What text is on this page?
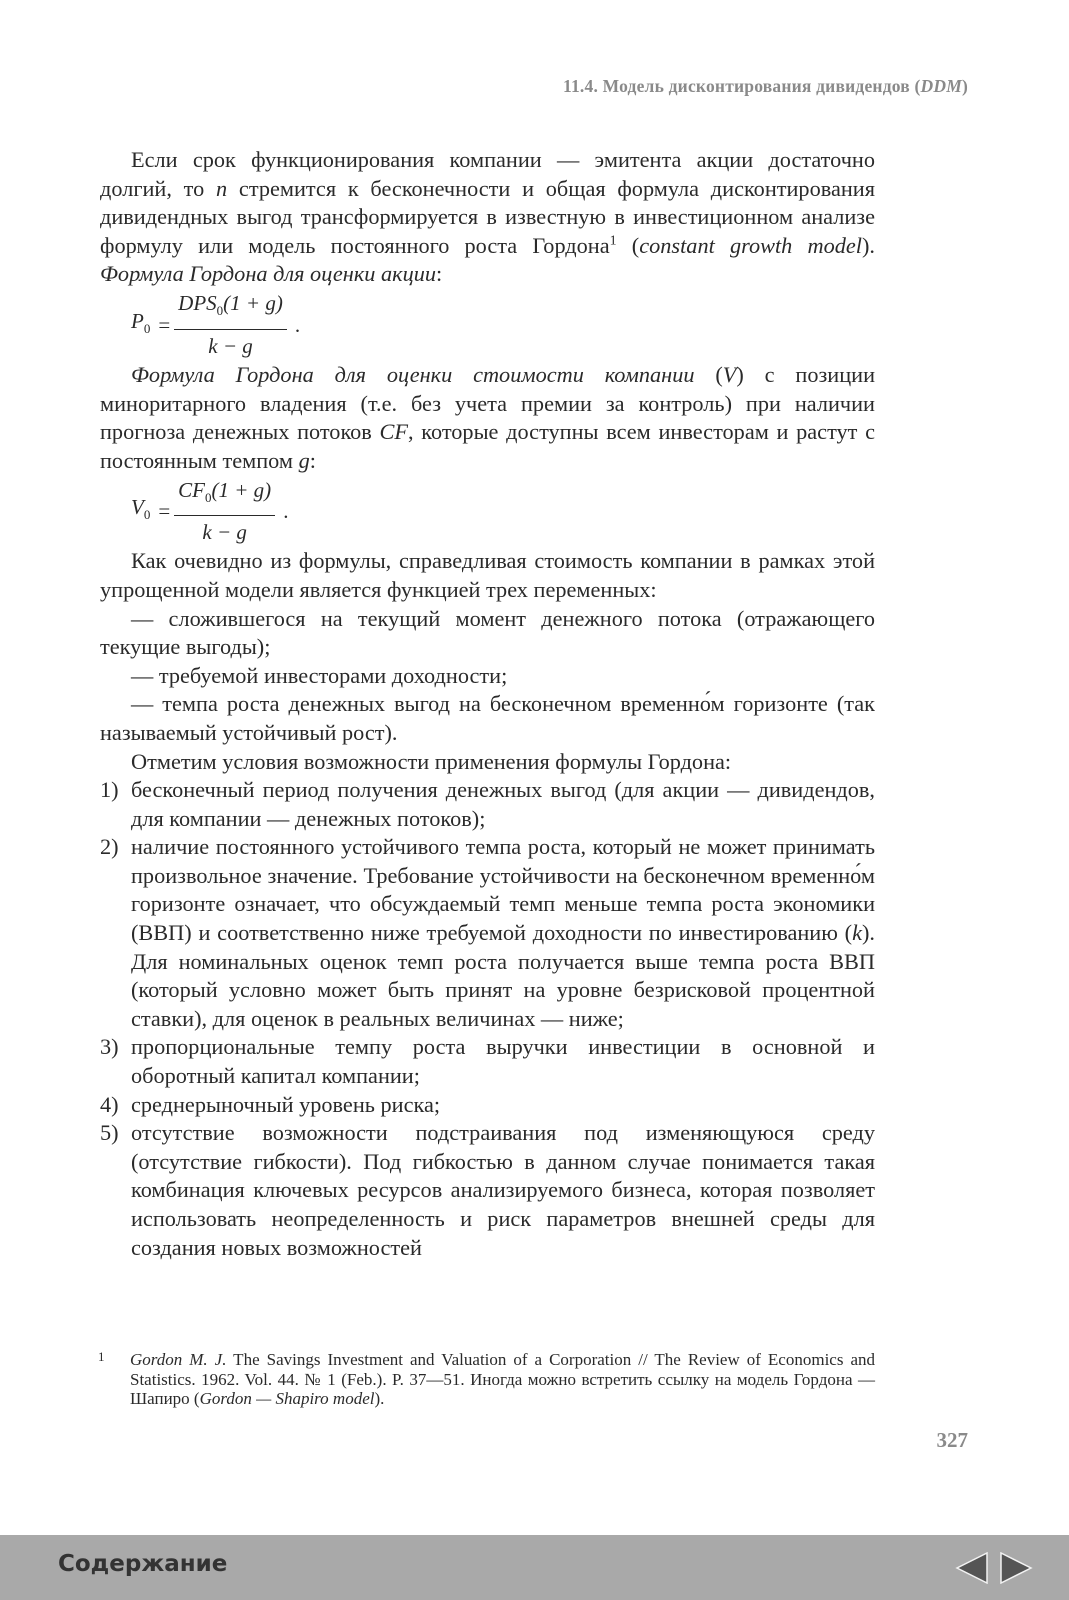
11.4. Модель дисконтирования дивидендов (DDM)

Если срок функционирования компании — эмитента акции достаточно долгий, то n стремится к бесконечности и общая формула дисконтирования дивидендных выгод трансформируется в известную в инвестиционном анализе формулу или модель постоянного роста Гордона$^1$ (constant growth model). Формула Гордона для оценки акции:

$P_0 = \frac{DPS_0(1 + g)}{k - g}$ .

Формула Гордона для оценки стоимости компании (V) с позиции миноритарного владения (т.е. без учета премии за контроль) при наличии прогноза денежных потоков CF, которые доступны всем инвесторам и растут с постоянным темпом g:

$V_0 = \frac{CF_0(1 + g)}{k - g}$ .

Как очевидно из формулы, справедливая стоимость компании в рамках этой упрощенной модели является функцией трех переменных:

— сложившегося на текущий момент денежного потока (отражающего текущие выгоды);

— требуемой инвесторами доходности;

— темпа роста денежных выгод на бесконечном временно́м горизонте (так называемый устойчивый рост).

Отметим условия возможности применения формулы Гордона:

1) бесконечный период получения денежных выгод (для акции — дивидендов, для компании — денежных потоков);
2) наличие постоянного устойчивого темпа роста, который не может принимать произвольное значение. Требование устойчивости на бесконечном временно́м горизонте означает, что обсуждаемый темп меньше темпа роста экономики (ВВП) и соответственно ниже требуемой доходности по инвестированию (k). Для номинальных оценок темп роста получается выше темпа роста ВВП (который условно может быть принят на уровне безрисковой процентной ставки), для оценок в реальных величинах — ниже;
3) пропорциональные темпу роста выручки инвестиции в основной и оборотный капитал компании;
4) среднерыночный уровень риска;
5) отсутствие возможности подстраивания под изменяющуюся среду (отсутствие гибкости). Под гибкостью в данном случае понимается такая комбинация ключевых ресурсов анализируемого бизнеса, которая позволяет использовать неопределенность и риск параметров внешней среды для создания новых возможностей
1	Gordon M. J. The Savings Investment and Valuation of a Corporation // The Review of Economics and Statistics. 1962. Vol. 44. № 1 (Feb.). P. 37—51. Иногда можно встретить ссылку на модель Гордона — Шапиро (Gordon — Shapiro model).
327
Содержание
